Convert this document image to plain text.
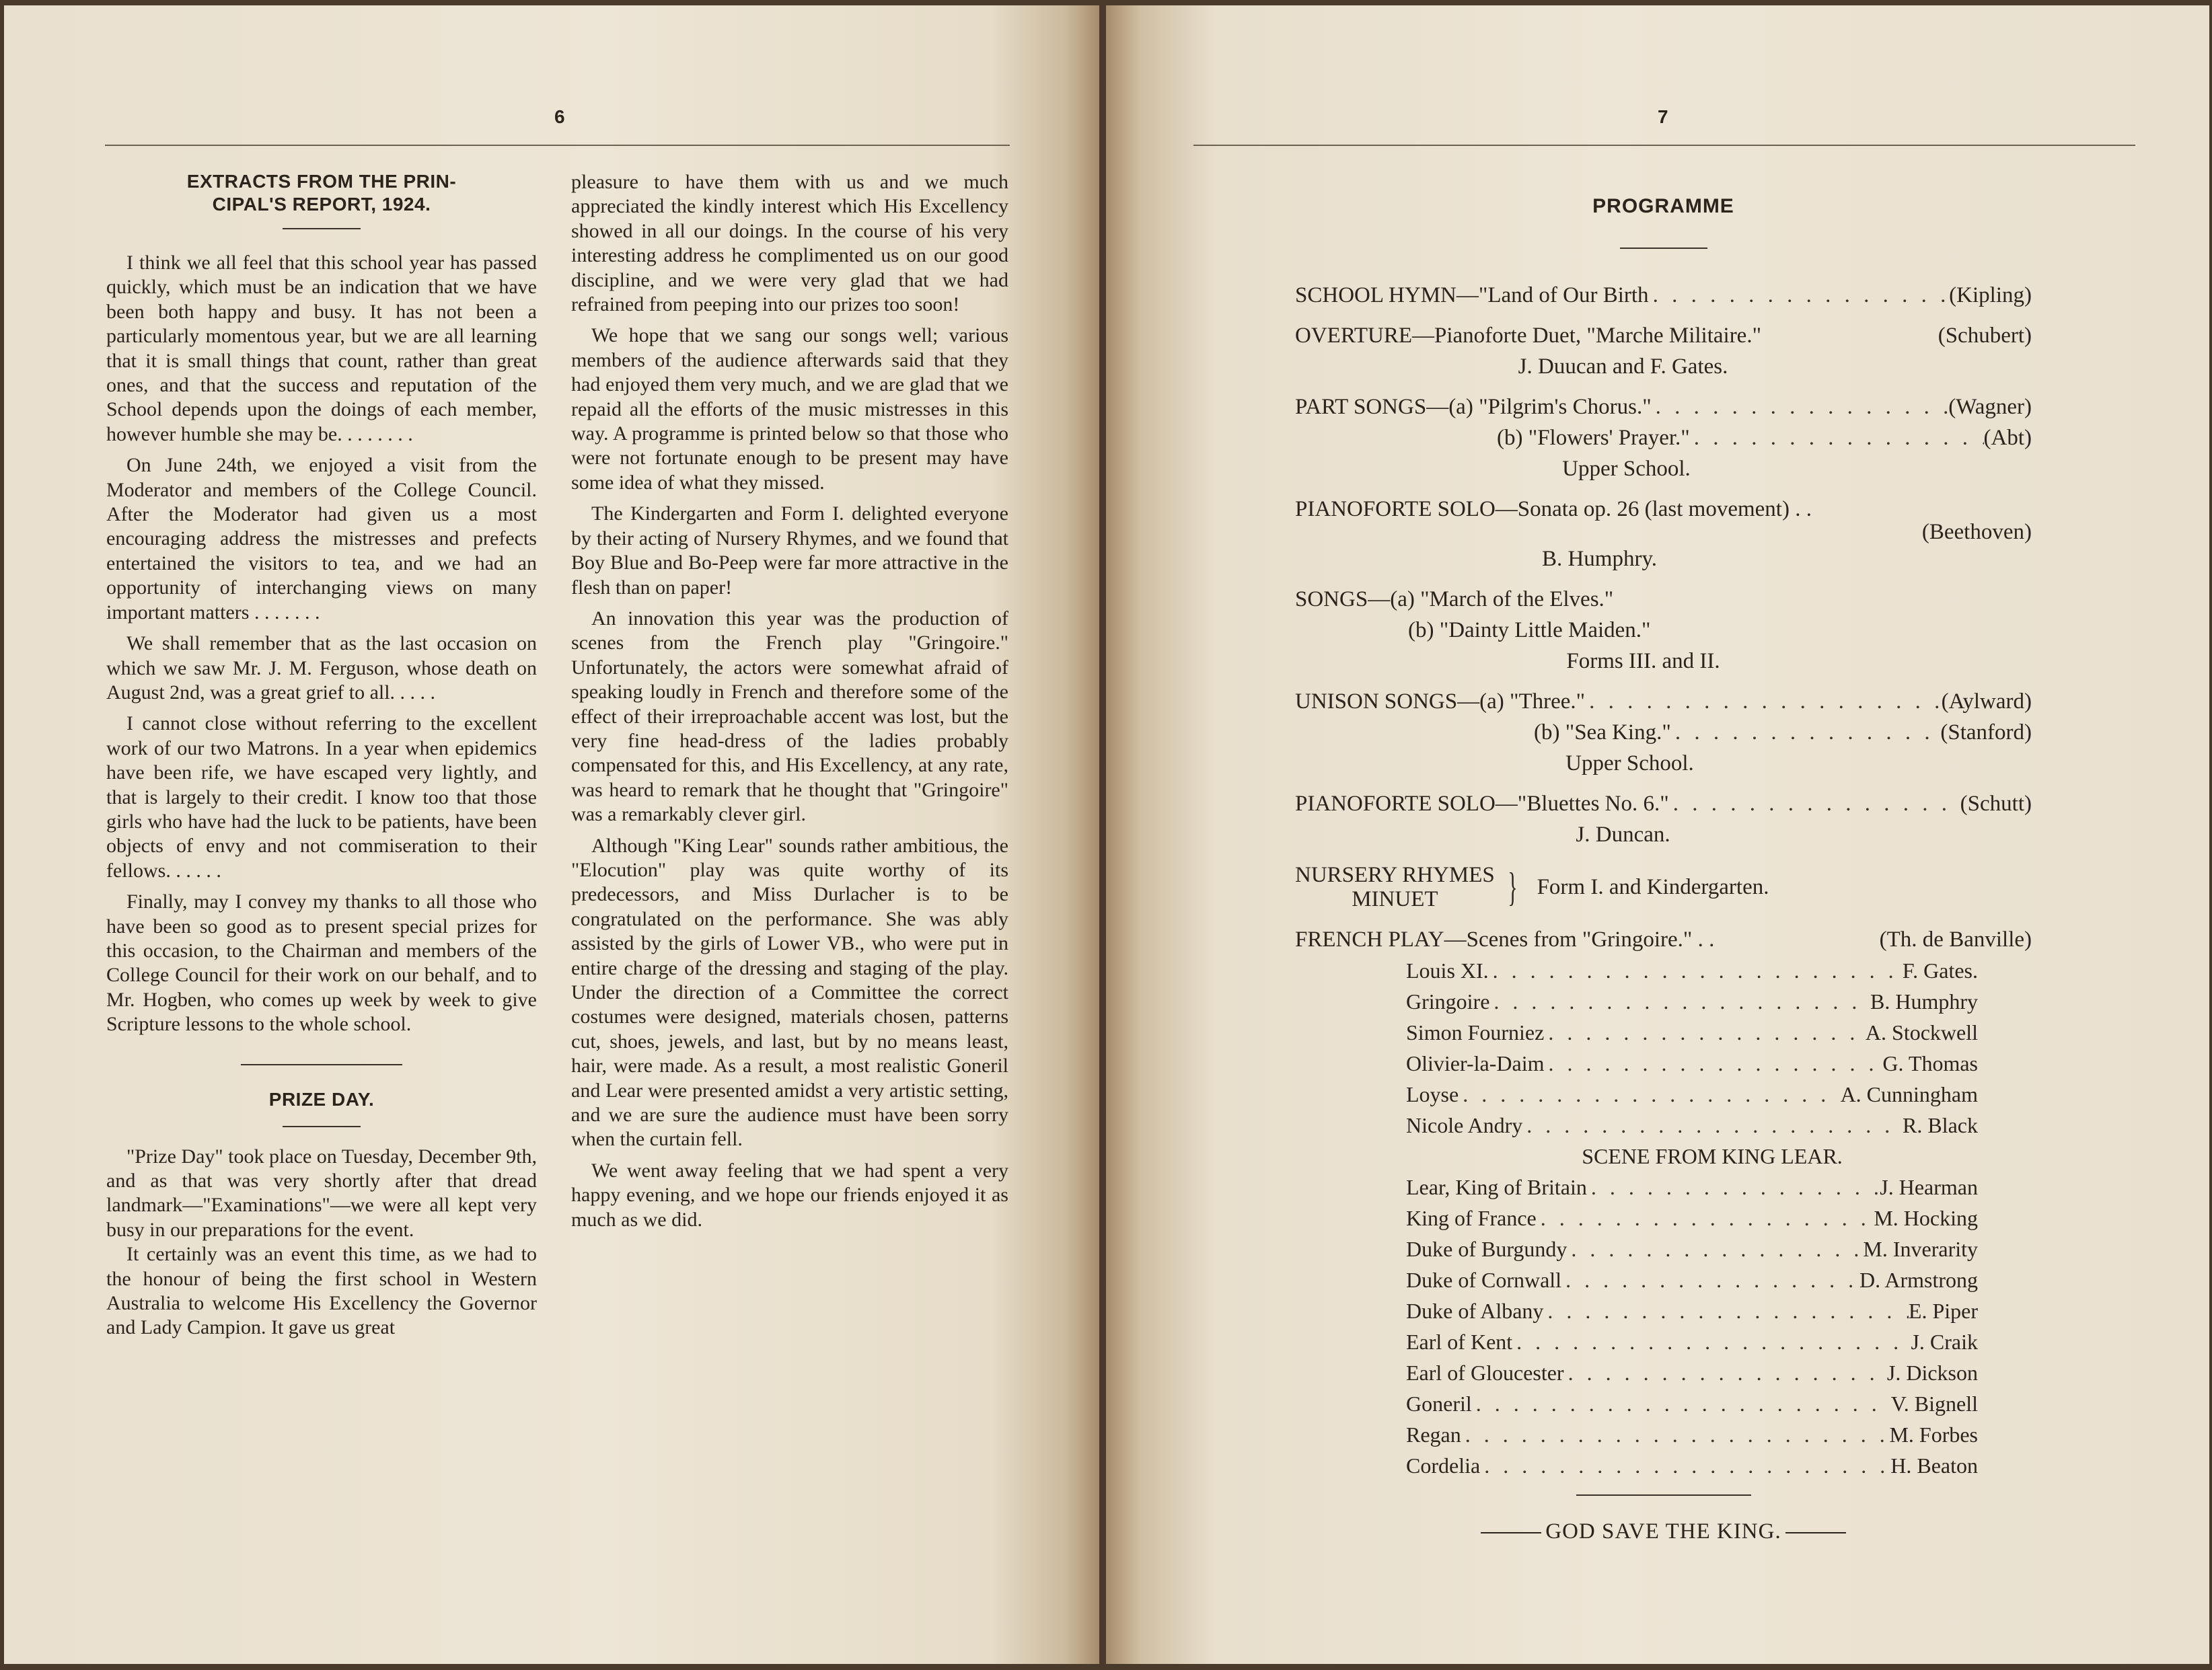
6
EXTRACTS FROM THE PRIN-
CIPAL'S REPORT, 1924.

I think we all feel that this school year has passed quickly, which must be an indication that we have been both happy and busy. It has not been a particularly momentous year, but we are all learning that it is small things that count, rather than great ones, and that the success and reputation of the School depends upon the doings of each member, however humble she may be. . . . . . . .

On June 24th, we enjoyed a visit from the Moderator and members of the College Council. After the Moderator had given us a most encouraging address the mistresses and prefects entertained the visitors to tea, and we had an opportunity of interchanging views on many important matters . . . . . . .

We shall remember that as the last occasion on which we saw Mr. J. M. Ferguson, whose death on August 2nd, was a great grief to all. . . . .

I cannot close without referring to the excellent work of our two Matrons. In a year when epidemics have been rife, we have escaped very lightly, and that is largely to their credit. I know too that those girls who have had the luck to be patients, have been objects of envy and not commiseration to their fellows. . . . . .

Finally, may I convey my thanks to all those who have been so good as to present special prizes for this occasion, to the Chairman and members of the College Council for their work on our behalf, and to Mr. Hogben, who comes up week by week to give Scripture lessons to the whole school.

PRIZE DAY.

"Prize Day" took place on Tuesday, December 9th, and as that was very shortly after that dread landmark—"Examinations"—we were all kept very busy in our preparations for the event.

It certainly was an event this time, as we had to the honour of being the first school in Western Australia to welcome His Excellency the Governor and Lady Campion. It gave us great

pleasure to have them with us and we much appreciated the kindly interest which His Excellency showed in all our doings. In the course of his very interesting address he complimented us on our good discipline, and we were very glad that we had refrained from peeping into our prizes too soon!

We hope that we sang our songs well; various members of the audience afterwards said that they had enjoyed them very much, and we are glad that we repaid all the efforts of the music mistresses in this way. A programme is printed below so that those who were not fortunate enough to be present may have some idea of what they missed.

The Kindergarten and Form I. delighted everyone by their acting of Nursery Rhymes, and we found that Boy Blue and Bo-Peep were far more attractive in the flesh than on paper!

An innovation this year was the production of scenes from the French play "Gringoire." Unfortunately, the actors were somewhat afraid of speaking loudly in French and therefore some of the effect of their irreproachable accent was lost, but the very fine head-dress of the ladies probably compensated for this, and His Excellency, at any rate, was heard to remark that he thought that "Gringoire" was a remarkably clever girl.

Although "King Lear" sounds rather ambitious, the "Elocution" play was quite worthy of its predecessors, and Miss Durlacher is to be congratulated on the performance. She was ably assisted by the girls of Lower VB., who were put in entire charge of the dressing and staging of the play. Under the direction of a Committee the correct costumes were designed, materials chosen, patterns cut, shoes, jewels, and last, but by no means least, hair, were made. As a result, a most realistic Goneril and Lear were presented amidst a very artistic setting, and we are sure the audience must have been sorry when the curtain fell.

We went away feeling that we had spent a very happy evening, and we hope our friends enjoyed it as much as we did.

7
PROGRAMME
SCHOOL HYMN—"Land of Our Birth . . .	(Kipling)
OVERTURE—Pianoforte Duet, "Marche Militaire."	(Schubert)
J. Duucan and F. Gates.
PART SONGS—(a) "Pilgrim's Chorus." . . .	(Wagner)
(b) "Flowers' Prayer." . . .	(Abt)
Upper School.
PIANOFORTE SOLO—Sonata op. 26 (last movement) . .
(Beethoven)
B. Humphry.
SONGS—(a) "March of the Elves."
(b) "Dainty Little Maiden."
Forms III. and II.
UNISON SONGS—(a) "Three." . . .	(Aylward)
(b) "Sea King." . . .	(Stanford)
Upper School.
PIANOFORTE SOLO—"Bluettes No. 6." . . .	(Schutt)
J. Duncan.
NURSERY RHYMES
MINUET	} Form I. and Kindergarten.
FRENCH PLAY—Scenes from "Gringoire." . .	(Th. de Banville)
Louis XI. . . .	F. Gates.
Gringoire . . .	B. Humphry
Simon Fourniez . . .	A. Stockwell
Olivier-la-Daim . . .	G. Thomas
Loyse . . .	A. Cunningham
Nicole Andry . . .	R. Black
SCENE FROM KING LEAR.
Lear, King of Britain . . .	J. Hearman
King of France . . .	M. Hocking
Duke of Burgundy . . .	M. Inverarity
Duke of Cornwall . . .	D. Armstrong
Duke of Albany . . .	E. Piper
Earl of Kent . . .	J. Craik
Earl of Gloucester . . .	J. Dickson
Goneril . . .	V. Bignell
Regan . . .	M. Forbes
Cordelia . . .	H. Beaton
GOD SAVE THE KING.
